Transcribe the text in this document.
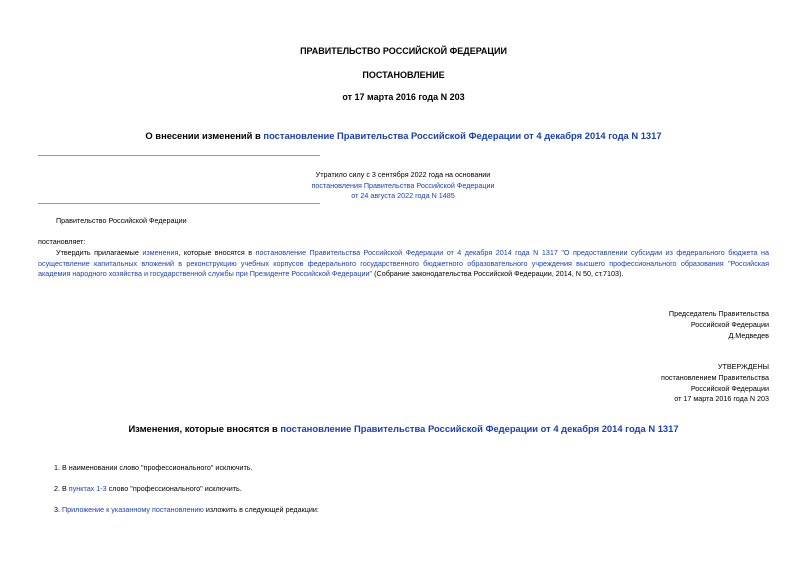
ПРАВИТЕЛЬСТВО РОССИЙСКОЙ ФЕДЕРАЦИИ
ПОСТАНОВЛЕНИЕ
от 17 марта 2016 года N 203
О внесении изменений в постановление Правительства Российской Федерации от 4 декабря 2014 года N 1317
Утратило силу с 3 сентября 2022 года на основании
постановления Правительства Российской Федерации
от 24 августа 2022 года N 1485
Правительство Российской Федерации
постановляет:
Утвердить прилагаемые изменения, которые вносятся в постановление Правительства Российской Федерации от 4 декабря 2014 года N 1317 "О предоставлении субсидии из федерального бюджета на осуществление капитальных вложений в реконструкцию учебных корпусов федерального государственного бюджетного образовательного учреждения высшего профессионального образования "Российская академия народного хозяйства и государственной службы при Президенте Российской Федерации" (Собрание законодательства Российской Федерации, 2014, N 50, ст.7103).
Председатель Правительства
Российской Федерации
Д.Медведев
УТВЕРЖДЕНЫ
постановлением Правительства
Российской Федерации
от 17 марта 2016 года N 203
Изменения, которые вносятся в постановление Правительства Российской Федерации от 4 декабря 2014 года N 1317
1. В наименовании слово "профессионального" исключить.
2. В пунктах 1-3 слово "профессионального" исключить.
3. Приложение к указанному постановлению изложить в следующей редакции:
